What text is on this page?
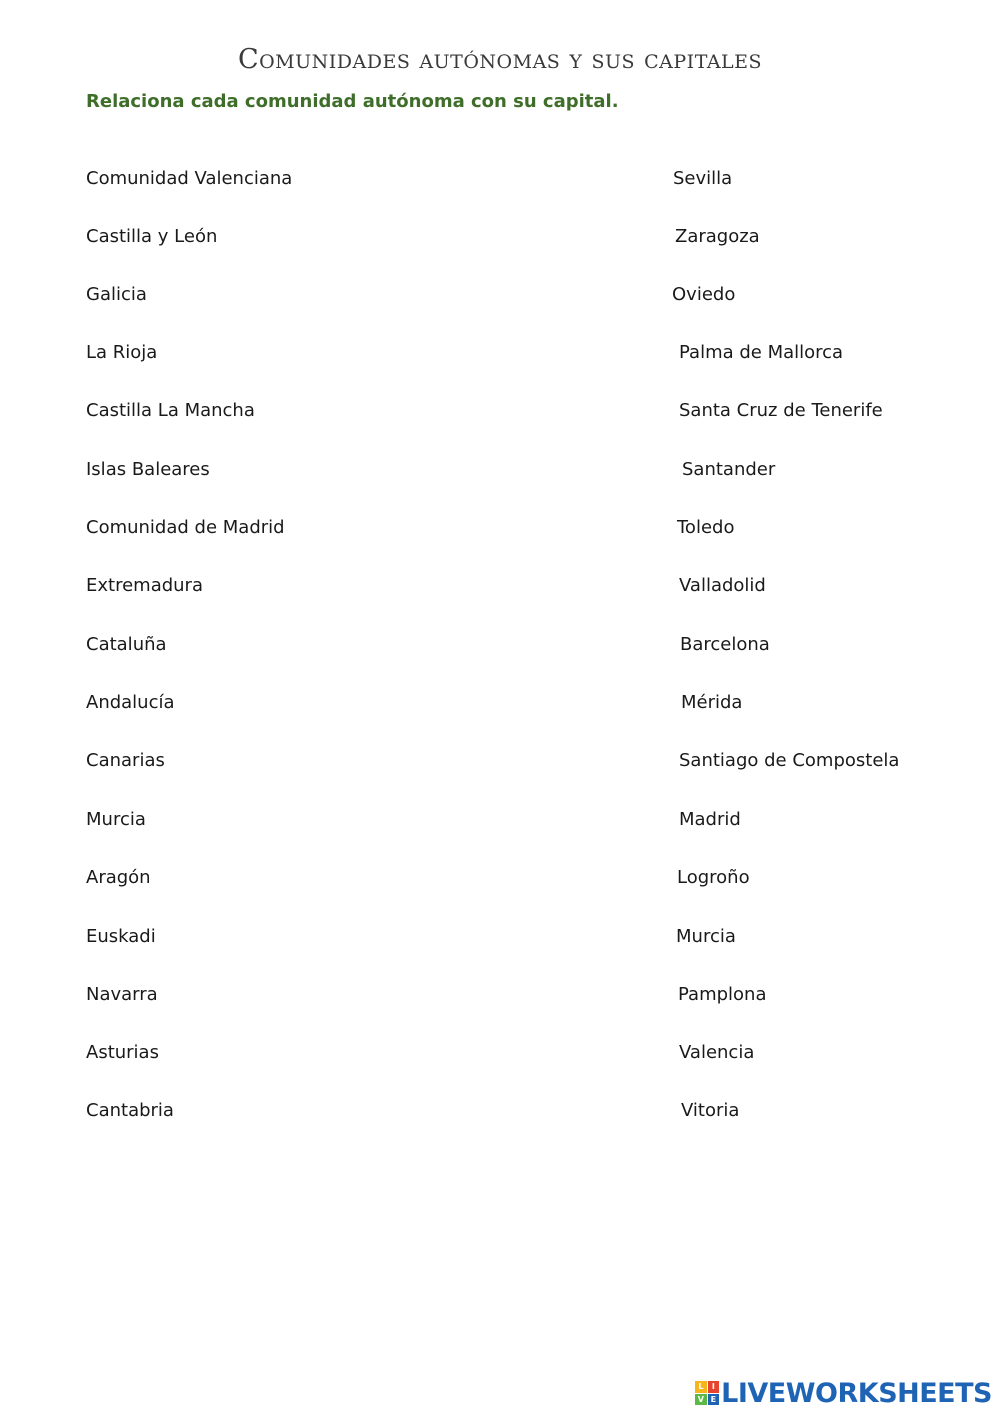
Comunidades autónomas y sus capitales
Relaciona cada comunidad autónoma con su capital.
Comunidad Valenciana
Castilla y León
Galicia
La Rioja
Castilla La Mancha
Islas Baleares
Comunidad de Madrid
Extremadura
Cataluña
Andalucía
Canarias
Murcia
Aragón
Euskadi
Navarra
Asturias
Cantabria
Sevilla
Zaragoza
Oviedo
Palma de Mallorca
Santa Cruz de Tenerife
Santander
Toledo
Valladolid
Barcelona
Mérida
Santiago de Compostela
Madrid
Logroño
Murcia
Pamplona
Valencia
Vitoria
L	I
V E LIVEWORKSHEETS
